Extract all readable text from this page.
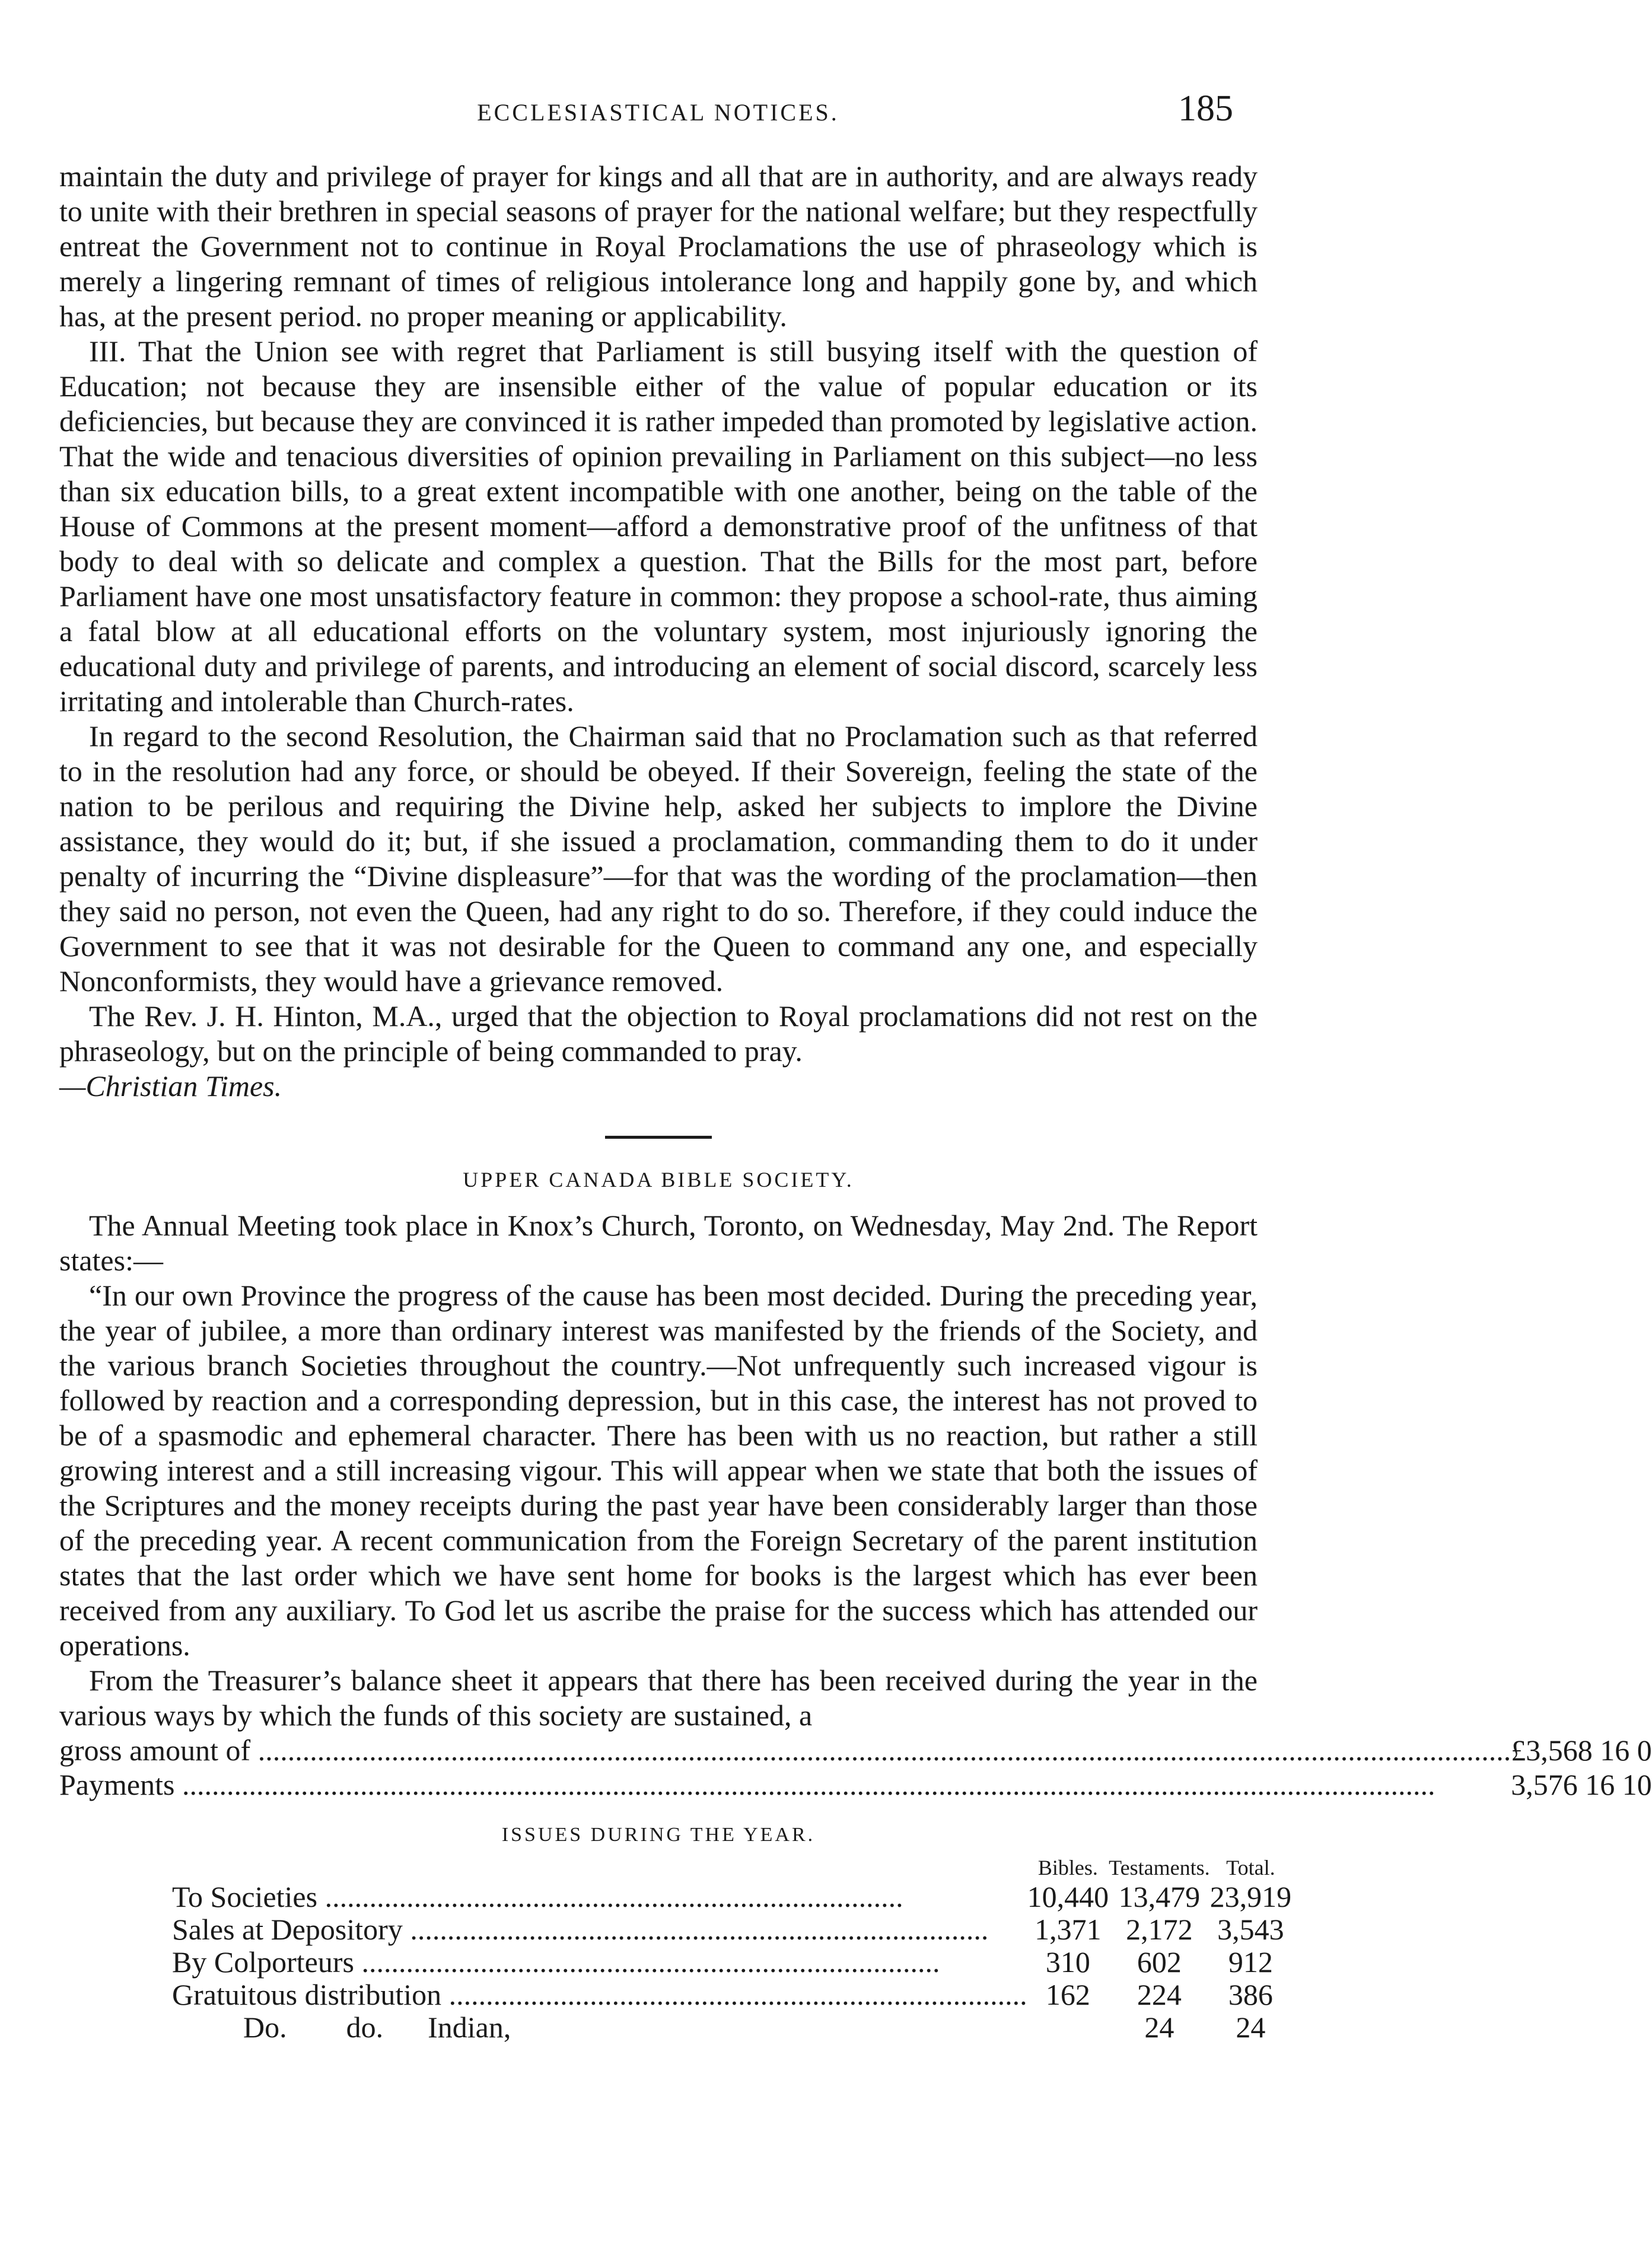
ECCLESIASTICAL NOTICES.	185

maintain the duty and privilege of prayer for kings and all that are in authority, and are always ready to unite with their brethren in special seasons of prayer for the national welfare; but they respectfully entreat the Government not to continue in Royal Proclamations the use of phraseology which is merely a lingering remnant of times of religious intolerance long and happily gone by, and which has, at the present period. no proper meaning or applicability.

III. That the Union see with regret that Parliament is still busying itself with the question of Education; not because they are insensible either of the value of popular education or its deficiencies, but because they are convinced it is rather impeded than promoted by legislative action. That the wide and tenacious diversities of opinion prevailing in Parliament on this subject—no less than six education bills, to a great extent incompatible with one another, being on the table of the House of Commons at the present moment—afford a demonstrative proof of the unfitness of that body to deal with so delicate and complex a question. That the Bills for the most part, before Parliament have one most unsatisfactory feature in common: they propose a school-rate, thus aiming a fatal blow at all educational efforts on the voluntary system, most injuriously ignoring the educational duty and privilege of parents, and introducing an element of social discord, scarcely less irritating and intolerable than Church-rates.

In regard to the second Resolution, the Chairman said that no Proclamation such as that referred to in the resolution had any force, or should be obeyed. If their Sovereign, feeling the state of the nation to be perilous and requiring the Divine help, asked her subjects to implore the Divine assistance, they would do it; but, if she issued a proclamation, commanding them to do it under penalty of incurring the “Divine displeasure”—for that was the wording of the proclamation—then they said no person, not even the Queen, had any right to do so. Therefore, if they could induce the Government to see that it was not desirable for the Queen to command any one, and especially Nonconformists, they would have a grievance removed.

The Rev. J. H. Hinton, M.A., urged that the objection to Royal proclamations did not rest on the phraseology, but on the principle of being commanded to pray.

—Christian Times.

UPPER CANADA BIBLE SOCIETY.

The Annual Meeting took place in Knox’s Church, Toronto, on Wednesday, May 2nd. The Report states:—

“In our own Province the progress of the cause has been most decided. During the preceding year, the year of jubilee, a more than ordinary interest was manifested by the friends of the Society, and the various branch Societies throughout the country.—Not unfrequently such increased vigour is followed by reaction and a corresponding depression, but in this case, the interest has not proved to be of a spasmodic and ephemeral character. There has been with us no reaction, but rather a still growing interest and a still increasing vigour. This will appear when we state that both the issues of the Scriptures and the money receipts during the past year have been considerably larger than those of the preceding year. A recent communication from the Foreign Secretary of the parent institution states that the last order which we have sent home for books is the largest which has ever been received from any auxiliary. To God let us ascribe the praise for the success which has attended our operations.

From the Treasurer’s balance sheet it appears that there has been received during the year in the various ways by which the funds of this society are sustained, a

gross amount of .....	£3,568 16 0
Payments .....	3,576 16 10
ISSUES DURING THE YEAR.
	Bibles.	Testaments.	Total.
To Societies .....	10,440	13,479	23,919
Sales at Depository .....	1,371	2,172	3,543
By Colporteurs .....	310	602	912
Gratuitous distribution .....	162	224	386
Do.        do.      Indian,		24	24
